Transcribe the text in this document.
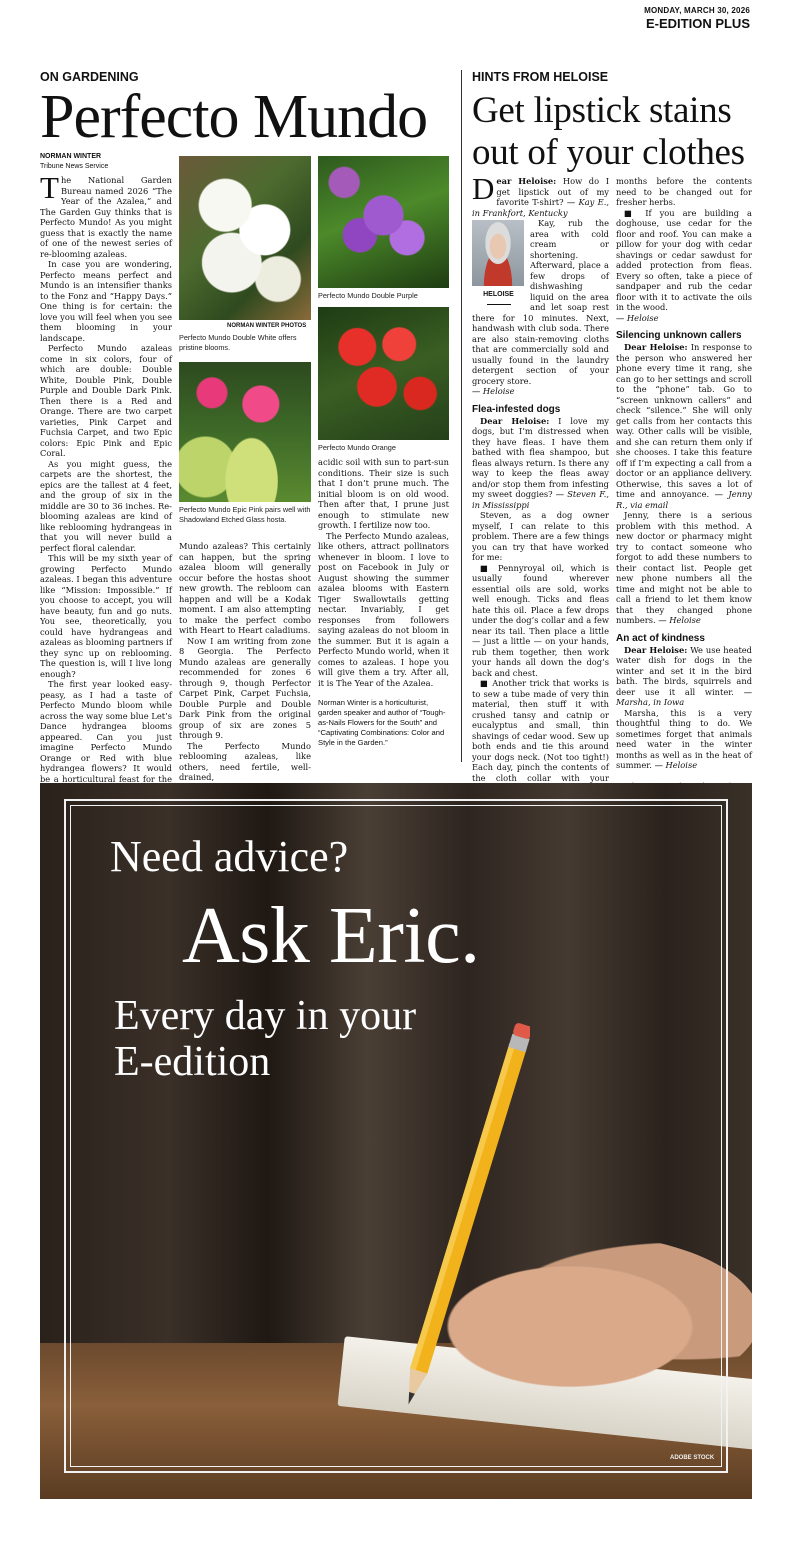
MONDAY, MARCH 30, 2026
E-EDITION PLUS
ON GARDENING
Perfecto Mundo
NORMAN WINTER
Tribune News Service

The National Garden Bureau named 2026 “The Year of the Azalea,” and The Garden Guy thinks that is Perfecto Mundo! As you might guess that is exactly the name of one of the newest series of re-blooming azaleas.

In case you are wondering, Perfecto means perfect and Mundo is an intensifier thanks to the Fonz and “Happy Days.” One thing is for certain: the love you will feel when you see them blooming in your landscape.

Perfecto Mundo azaleas come in six colors, four of which are double: Double White, Double Pink, Double Purple and Double Dark Pink. Then there is a Red and Orange. There are two carpet varieties, Pink Carpet and Fuchsia Carpet, and two Epic colors: Epic Pink and Epic Coral.

As you might guess, the carpets are the shortest, the epics are the tallest at 4 feet, and the group of six in the middle are 30 to 36 inches. Re-blooming azaleas are kind of like reblooming hydrangeas in that you will never build a perfect floral calendar.

This will be my sixth year of growing Perfecto Mundo azaleas. I began this adventure like “Mission: Impossible.” If you choose to accept, you will have beauty, fun and go nuts. You see, theoretically, you could have hydrangeas and azaleas as blooming partners if they sync up on reblooming. The question is, will I live long enough?

The first year looked easy-peasy, as I had a taste of Perfecto Mundo bloom while across the way some blue Let’s Dance hydrangea blooms appeared. Can you just imagine Perfecto Mundo Orange or Red with blue hydrangea flowers? It would be a horticultural feast for the

NORMAN WINTER PHOTOS
Perfecto Mundo Double White offers pristine blooms.
Perfecto Mundo Double Purple
Perfecto Mundo Epic Pink pairs well with Shadowland Etched Glass hosta.
Perfecto Mundo Orange

Mundo azaleas? This certainly can happen, but the spring azalea bloom will generally occur before the hostas shoot new growth. The rebloom can happen and will be a Kodak moment. I am also attempting to make the perfect combo with Heart to Heart caladiums.

Now I am writing from zone 8 Georgia. The Perfecto Mundo azaleas are generally recommended for zones 6 through 9, though Perfector Carpet Pink, Carpet Fuchsia, Double Purple and Double Dark Pink from the original group of six are zones 5 through 9.

The Perfecto Mundo reblooming azaleas, like others, need fertile, well-drained,

acidic soil with sun to part-sun conditions. Their size is such that I don’t prune much. The initial bloom is on old wood. Then after that, I prune just enough to stimulate new growth. I fertilize now too.

The Perfecto Mundo azaleas, like others, attract pollinators whenever in bloom. I love to post on Facebook in July or August showing the summer azalea blooms with Eastern Tiger Swallowtails getting nectar. Invariably, I get responses from followers saying azaleas do not bloom in the summer. But it is again a Perfecto Mundo world, when it comes to azaleas. I hope you will give them a try. After all, it is The Year of the Azalea.

Norman Winter is a horticulturist, garden speaker and author of “Tough-as-Nails Flowers for the South” and “Captivating Combinations: Color and Style in the Garden.”

HINTS FROM HELOISE
Get lipstick stains out of your clothes

Dear Heloise: How do I get lipstick out of my favorite T-shirt? — Kay E., in Frankfort, Kentucky

HELOISE

Kay, rub the area with cold cream or shortening. Afterward, place a few drops of dishwashing liquid on the area and let soap rest there for 10 minutes. Next, handwash with club soda. There are also stain-removing cloths that are commercially sold and usually found in the laundry detergent section of your grocery store.
— Heloise

Flea-infested dogs

Dear Heloise: I love my dogs, but I’m distressed when they have fleas. I have them bathed with flea shampoo, but fleas always return. Is there any way to keep the fleas away and/or stop them from infesting my sweet doggies? — Steven F., in Mississippi

Steven, as a dog owner myself, I can relate to this problem. There are a few things you can try that have worked for me:

■ Pennyroyal oil, which is usually found wherever essential oils are sold, works well enough. Ticks and fleas hate this oil. Place a few drops under the dog’s collar and a few near its tail. Then place a little — just a little — on your hands, rub them together, then work your hands all down the dog’s back and chest.

■ Another trick that works is to sew a tube made of very thin material, then stuff it with crushed tansy and catnip or eucalyptus and small, thin shavings of cedar wood. Sew up both ends and tie this around your dogs neck. (Not too tight!) Each day, pinch the contents of the cloth collar with your

months before the contents need to be changed out for fresher herbs.

■ If you are building a doghouse, use cedar for the floor and roof. You can make a pillow for your dog with cedar shavings or cedar sawdust for added protection from fleas. Every so often, take a piece of sandpaper and rub the cedar floor with it to activate the oils in the wood.
— Heloise

Silencing unknown callers

Dear Heloise: In response to the person who answered her phone every time it rang, she can go to her settings and scroll to the “phone” tab. Go to “screen unknown callers” and check “silence.” She will only get calls from her contacts this way. Other calls will be visible, and she can return them only if she chooses. I take this feature off if I’m expecting a call from a doctor or an appliance delivery. Otherwise, this saves a lot of time and annoyance. — Jenny R., via email

Jenny, there is a serious problem with this method. A new doctor or pharmacy might try to contact someone who forgot to add these numbers to their contact list. People get new phone numbers all the time and might not be able to call a friend to let them know that they changed phone numbers. — Heloise

An act of kindness

Dear Heloise: We use heated water dish for dogs in the winter and set it in the bird bath. The birds, squirrels and deer use it all winter. — Marsha, in Iowa

Marsha, this is a very thoughtful thing to do. We sometimes forget that animals need water in the winter months as well as in the heat of summer. — Heloise

Need advice?
Ask Eric.
Every day in your E-edition
ADOBE STOCK
